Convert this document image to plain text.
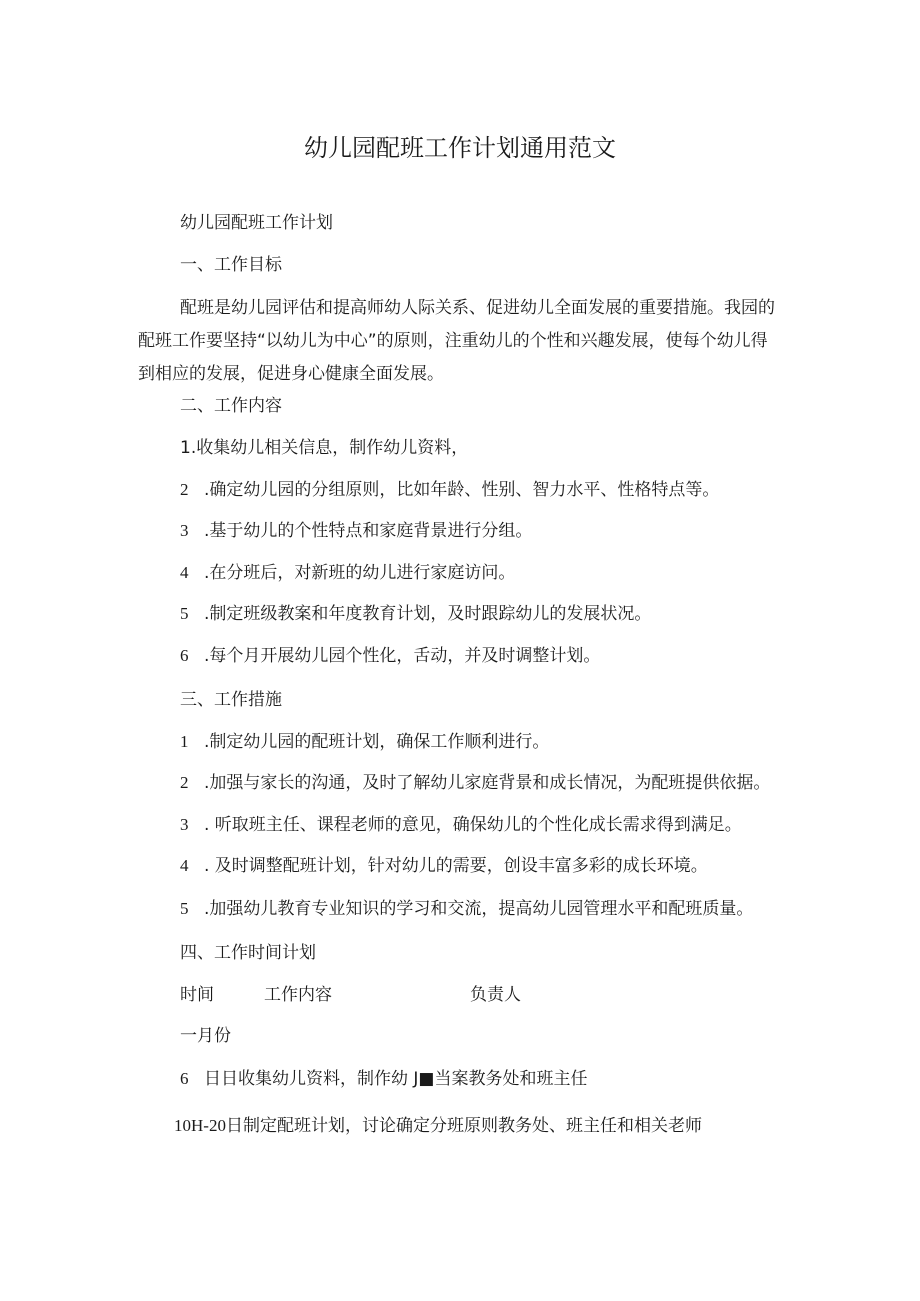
幼儿园配班工作计划通用范文

幼儿园配班工作计划

一、工作目标

配班是幼儿园评估和提高师幼人际关系、促进幼儿全面发展的重要措施。我园的
配班工作要坚持“以幼儿为中心”的原则，注重幼儿的个性和兴趣发展，使每个幼儿得
到相应的发展，促进身心健康全面发展。

二、工作内容

1.收集幼儿相关信息，制作幼儿资料，

2 .确定幼儿园的分组原则，比如年龄、性别、智力水平、性格特点等。

3 .基于幼儿的个性特点和家庭背景进行分组。

4 .在分班后，对新班的幼儿进行家庭访问。

5 .制定班级教案和年度教育计划，及时跟踪幼儿的发展状况。

6 .每个月开展幼儿园个性化，舌动，并及时调整计划。

三、工作措施

1 .制定幼儿园的配班计划，确保工作顺利进行。

2 .加强与家长的沟通，及时了解幼儿家庭背景和成长情况，为配班提供依据。

3 . 听取班主任、课程老师的意见，确保幼儿的个性化成长需求得到满足。

4 . 及时调整配班计划，针对幼儿的需要，创设丰富多彩的成长环境。

5 .加强幼儿教育专业知识的学习和交流，提高幼儿园管理水平和配班质量。

四、工作时间计划

时间	工作内容	负责人

一月份

6 日日收集幼儿资料，制作幼 J■当案教务处和班主任

10H-20日制定配班计划，讨论确定分班原则教务处、班主任和相关老师
